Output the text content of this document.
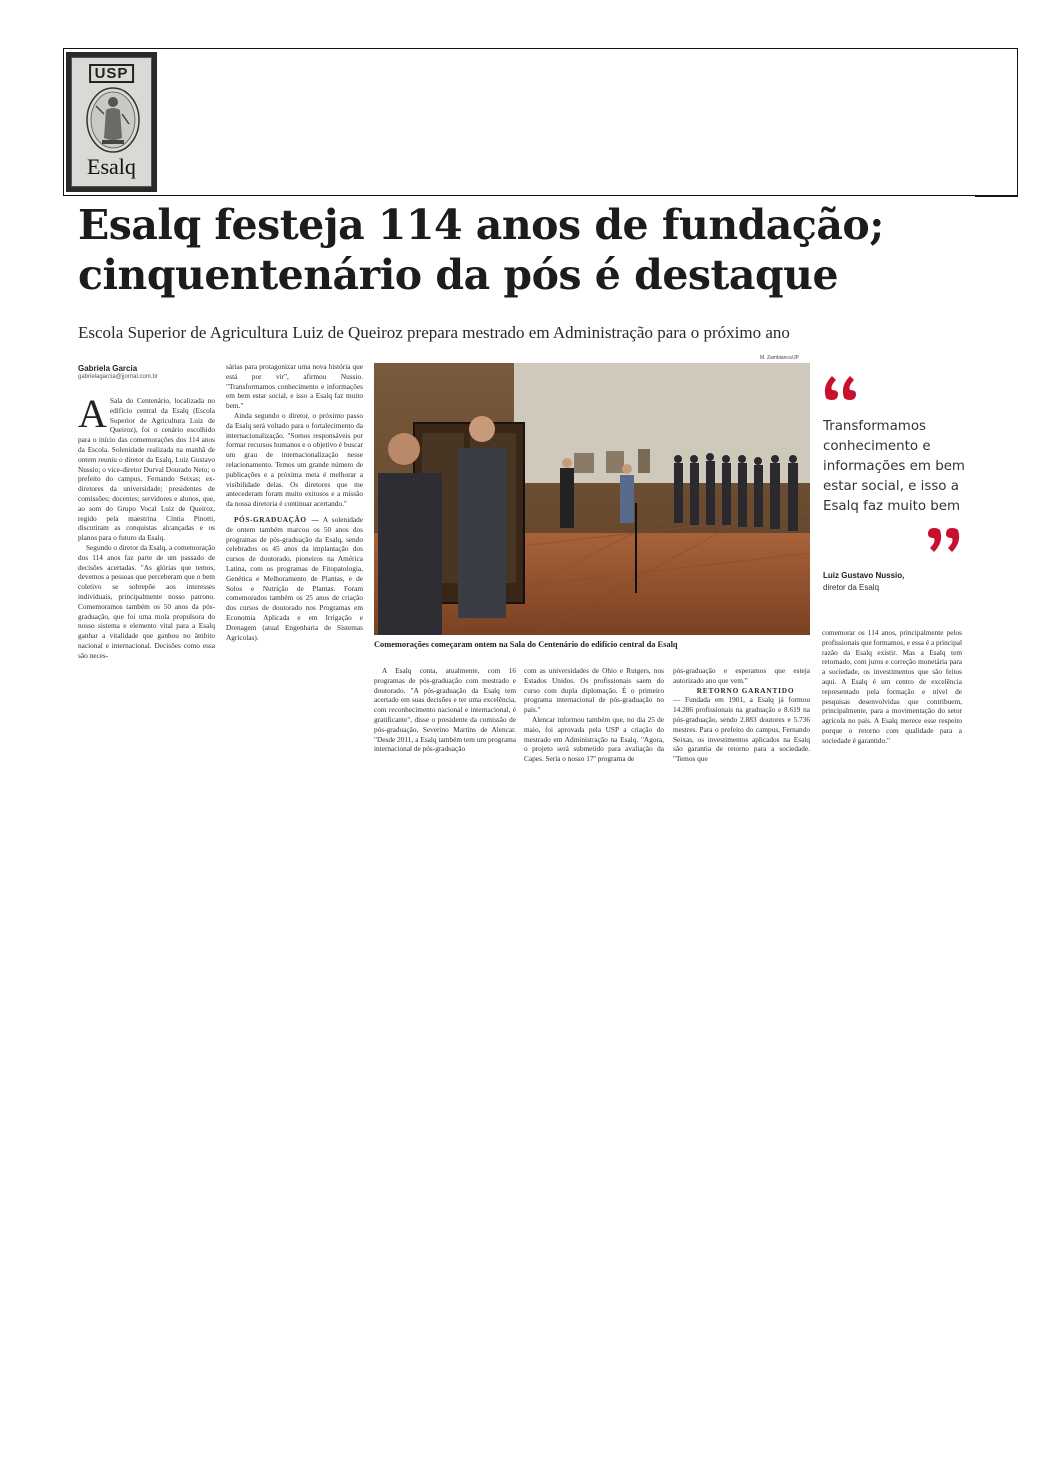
USP
Esalq
Esalq festeja 114 anos de fundação; cinquentenário da pós é destaque

Escola Superior de Agricultura Luiz de Queiroz prepara mestrado em Administração para o próximo ano

Gabriela Garcia
gabrielagarcia@jjornal.com.br

A Sala do Centenário, localizada no edifício central da Esalq (Escola Superior de Agricultura Luiz de Queiroz), foi o cenário escolhido para o início das comemorações dos 114 anos da Escola. Solenidade realizada na manhã de ontem reuniu o diretor da Esalq, Luiz Gustavo Nussio; o vice-diretor Durval Dourado Neto; o prefeito do campus, Fernando Seixas; ex-diretores da universidade; presidentes de comissões; docentes; servidores e alunos, que, ao som do Grupo Vocal Luiz de Queiroz, regido pela maestrina Cíntia Pinotti, discutiram as conquistas alcançadas e os planos para o futuro da Esalq.

Segundo o diretor da Esalq, a comemoração dos 114 anos faz parte de um passado de decisões acertadas. "As glórias que temos, devemos a pessoas que perceberam que o bem coletivo se sobrepõe aos interesses individuais, principalmente nosso patrono. Comemoramos também os 50 anos da pós-graduação, que foi uma mola propulsora do nosso sistema e elemento vital para a Esalq ganhar a vitalidade que ganhou no âmbito nacional e internacional. Decisões como essa são neces-

sárias para protagonizar uma nova história que está por vir", afirmou Nussio. "Transformamos conhecimento e informações em bem estar social, e isso a Esalq faz muito bem."

Ainda segundo o diretor, o próximo passo da Esalq será voltado para o fortalecimento da internacionalização. "Somos responsáveis por formar recursos humanos e o objetivo é buscar um grau de internacionalização nesse relacionamento. Temos um grande número de publicações e a próxima meta é melhorar a visibilidade delas. Os diretores que me antecederam foram muito exitosos e a missão da nossa diretoria é continuar acertando."

PÓS-GRADUAÇÃO — A solenidade de ontem também marcou os 50 anos dos programas de pós-graduação da Esalq, sendo celebrados os 45 anos da implantação dos cursos de doutorado, pioneiros na América Latina, com os programas de Fitopatologia, Genética e Melhoramento de Plantas, e de Solos e Nutrição de Plantas. Foram comemorados também os 25 anos de criação dos cursos de doutorado nos Programas em Economia Aplicada e em Irrigação e Drenagem (atual Engenharia de Sistemas Agrícolas).

M. Zambianco/JP
Comemorações começaram ontem na Sala do Centenário do edifício central da Esalq

Transformamos conhecimento e informações em bem estar social, e isso a Esalq faz muito bem

Luiz Gustavo Nussio,
diretor da Esalq

A Esalq conta, atualmente, com 16 programas de pós-graduação com mestrado e doutorado. "A pós-graduação da Esalq tem acertado em suas decisões e ter uma excelência, com reconhecimento nacional e internacional, é gratificante", disse o presidente da comissão de pós-graduação, Severino Martins de Alencar. "Desde 2011, a Esalq também tem um programa internacional de pós-graduação

com as universidades de Ohio e Rutgers, nos Estados Unidos. Os profissionais saem do curso com dupla diplomação. É o primeiro programa internacional de pós-graduação no país."

Alencar informou também que, no dia 25 de maio, foi aprovada pela USP a criação do mestrado em Administração na Esalq. "Agora, o projeto será submetido para avaliação da Capes. Seria o nosso 17º programa de

pós-graduação e esperamos que esteja autorizado ano que vem."

RETORNO GARANTIDO

— Fundada em 1901, a Esalq já formou 14.286 profissionais na graduação e 8.619 na pós-graduação, sendo 2.883 doutores e 5.736 mestres. Para o prefeito do campus, Fernando Seixas, os investimentos aplicados na Esalq são garantia de retorno para a sociedade. "Temos que

comemorar os 114 anos, principalmente pelos profissionais que formamos, e essa é a principal razão da Esalq existir. Mas a Esalq tem retornado, com juros e correção monetária para a sociedade, os investimentos que são feitos aqui. A Esalq é um centro de excelência representado pela formação e nível de pesquisas desenvolvidas que contribuem, principalmente, para a movimentação do setor agrícola no país. A Esalq merece esse respeito porque o retorno com qualidade para a sociedade é garantido."
